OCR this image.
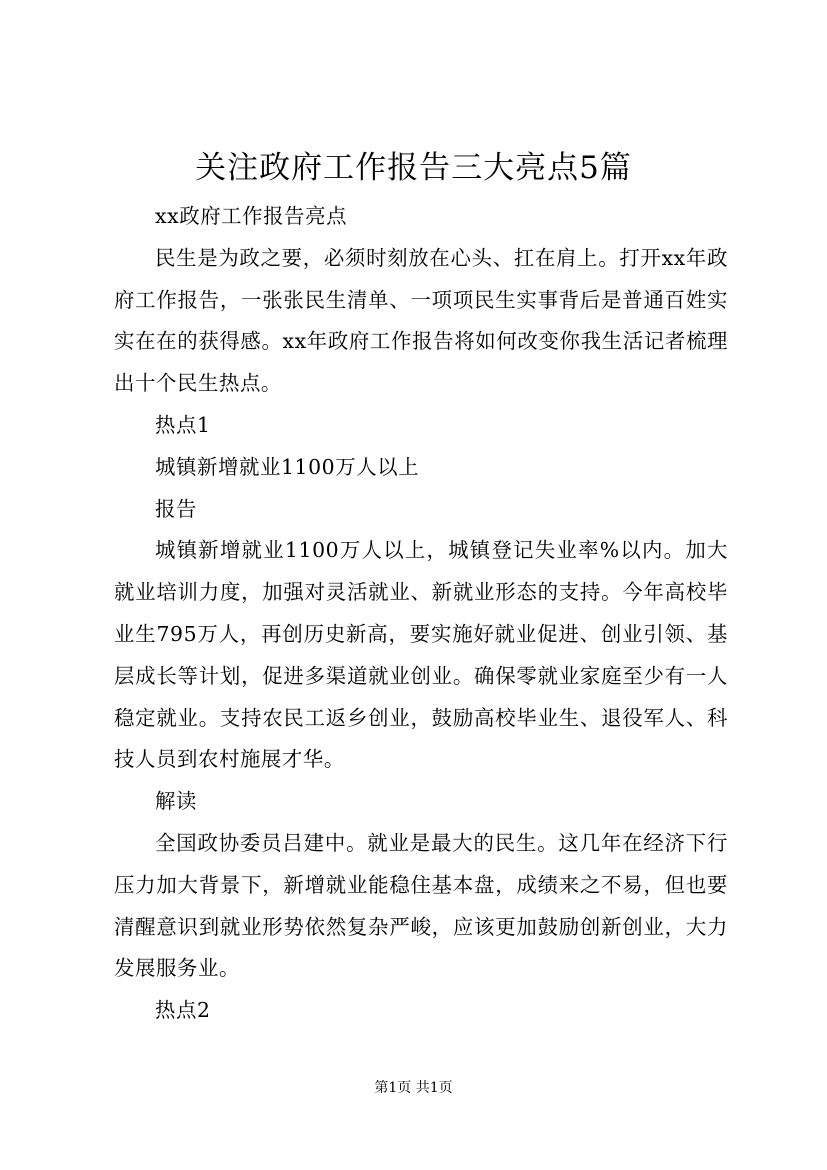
关注政府工作报告三大亮点5篇

xx政府工作报告亮点

民生是为政之要，必须时刻放在心头、扛在肩上。打开xx年政府工作报告，一张张民生清单、一项项民生实事背后是普通百姓实实在在的获得感。xx年政府工作报告将如何改变你我生活记者梳理出十个民生热点。

热点1

城镇新增就业1100万人以上

报告

城镇新增就业1100万人以上，城镇登记失业率%以内。加大就业培训力度，加强对灵活就业、新就业形态的支持。今年高校毕业生795万人，再创历史新高，要实施好就业促进、创业引领、基层成长等计划，促进多渠道就业创业。确保零就业家庭至少有一人稳定就业。支持农民工返乡创业，鼓励高校毕业生、退役军人、科技人员到农村施展才华。

解读

全国政协委员吕建中。就业是最大的民生。这几年在经济下行压力加大背景下，新增就业能稳住基本盘，成绩来之不易，但也要清醒意识到就业形势依然复杂严峻，应该更加鼓励创新创业，大力发展服务业。

热点2

第1页 共1页
